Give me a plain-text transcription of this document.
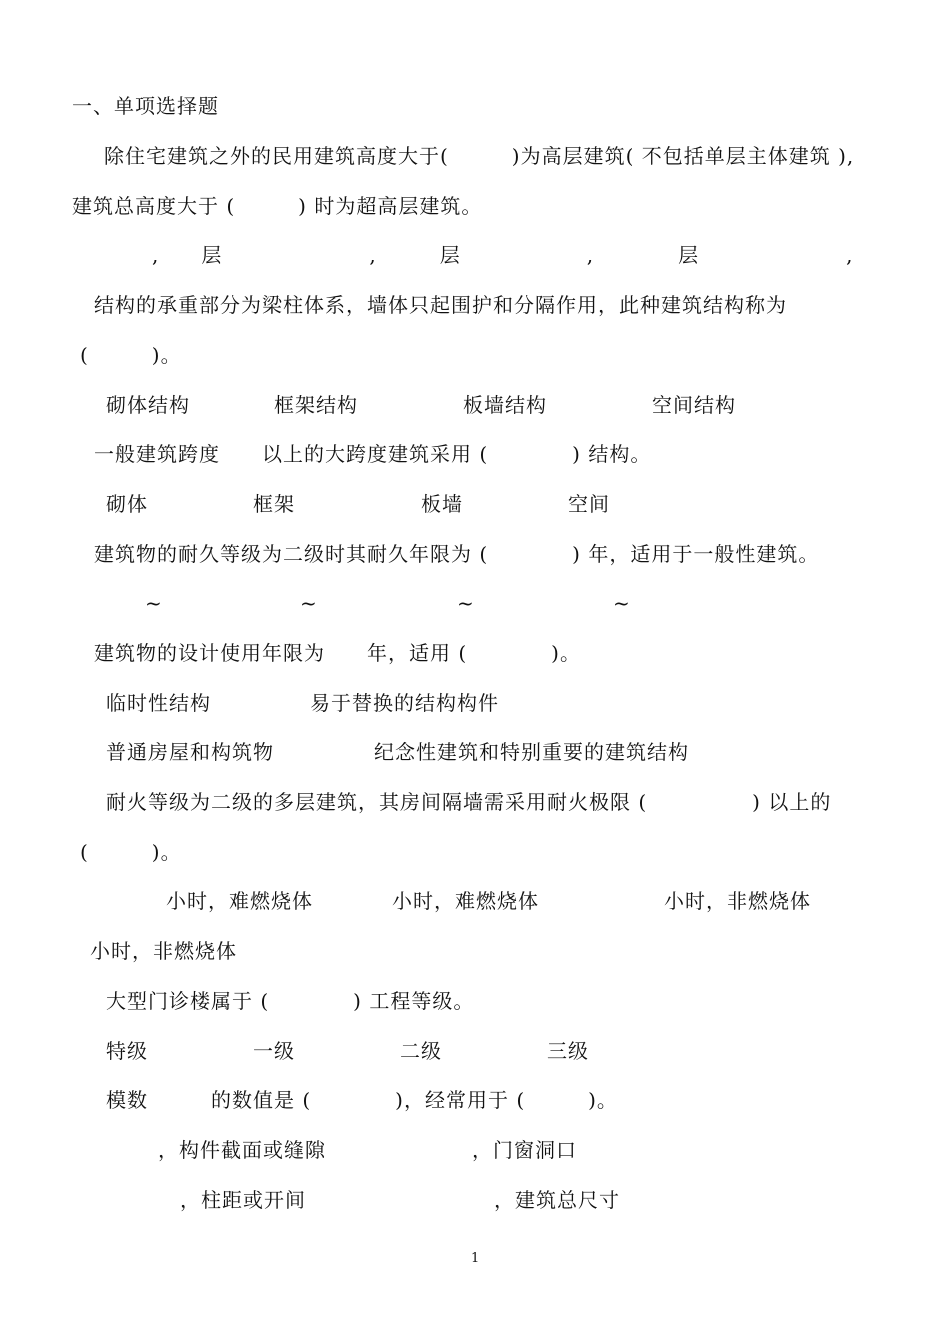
一、单项选择题
除住宅建筑之外的民用建筑高度大于(　　　)为高层建筑( 不包括单层主体建筑 ),
建筑总高度大于 (　　　) 时为超高层建筑。
,　　层　　　　　　　,　　　层　　　　　　,　　　　层　　　　　　　,
结构的承重部分为梁柱体系，墙体只起围护和分隔作用，此种建筑结构称为
(　　　)。
砌体结构　　　　框架结构　　　　　板墙结构　　　　　空间结构
一般建筑跨度　　以上的大跨度建筑采用 (　　　　) 结构。
砌体　　　　　框架　　　　　　板墙　　　　　空间
建筑物的耐久等级为二级时其耐久年限为 (　　　　) 年，适用于一般性建筑。
~	~	~	~
建筑物的设计使用年限为　　年，适用 (　　　　)。
临时性结构	易于替换的结构构件
普通房屋和构筑物	纪念性建筑和特别重要的建筑结构
耐火等级为二级的多层建筑，其房间隔墙需采用耐火极限 (　　　　　) 以上的
(　　　)。
小时，难燃烧体	小时，难燃烧体	小时，非燃烧体
小时，非燃烧体
大型门诊楼属于 (　　　　) 工程等级。
特级　　　　　一级　　　　　二级　　　　　三级
模数　　　的数值是 (　　　　)，经常用于 (　　　)。
，构件截面或缝隙	，门窗洞口
，柱距或开间	，建筑总尺寸
1
